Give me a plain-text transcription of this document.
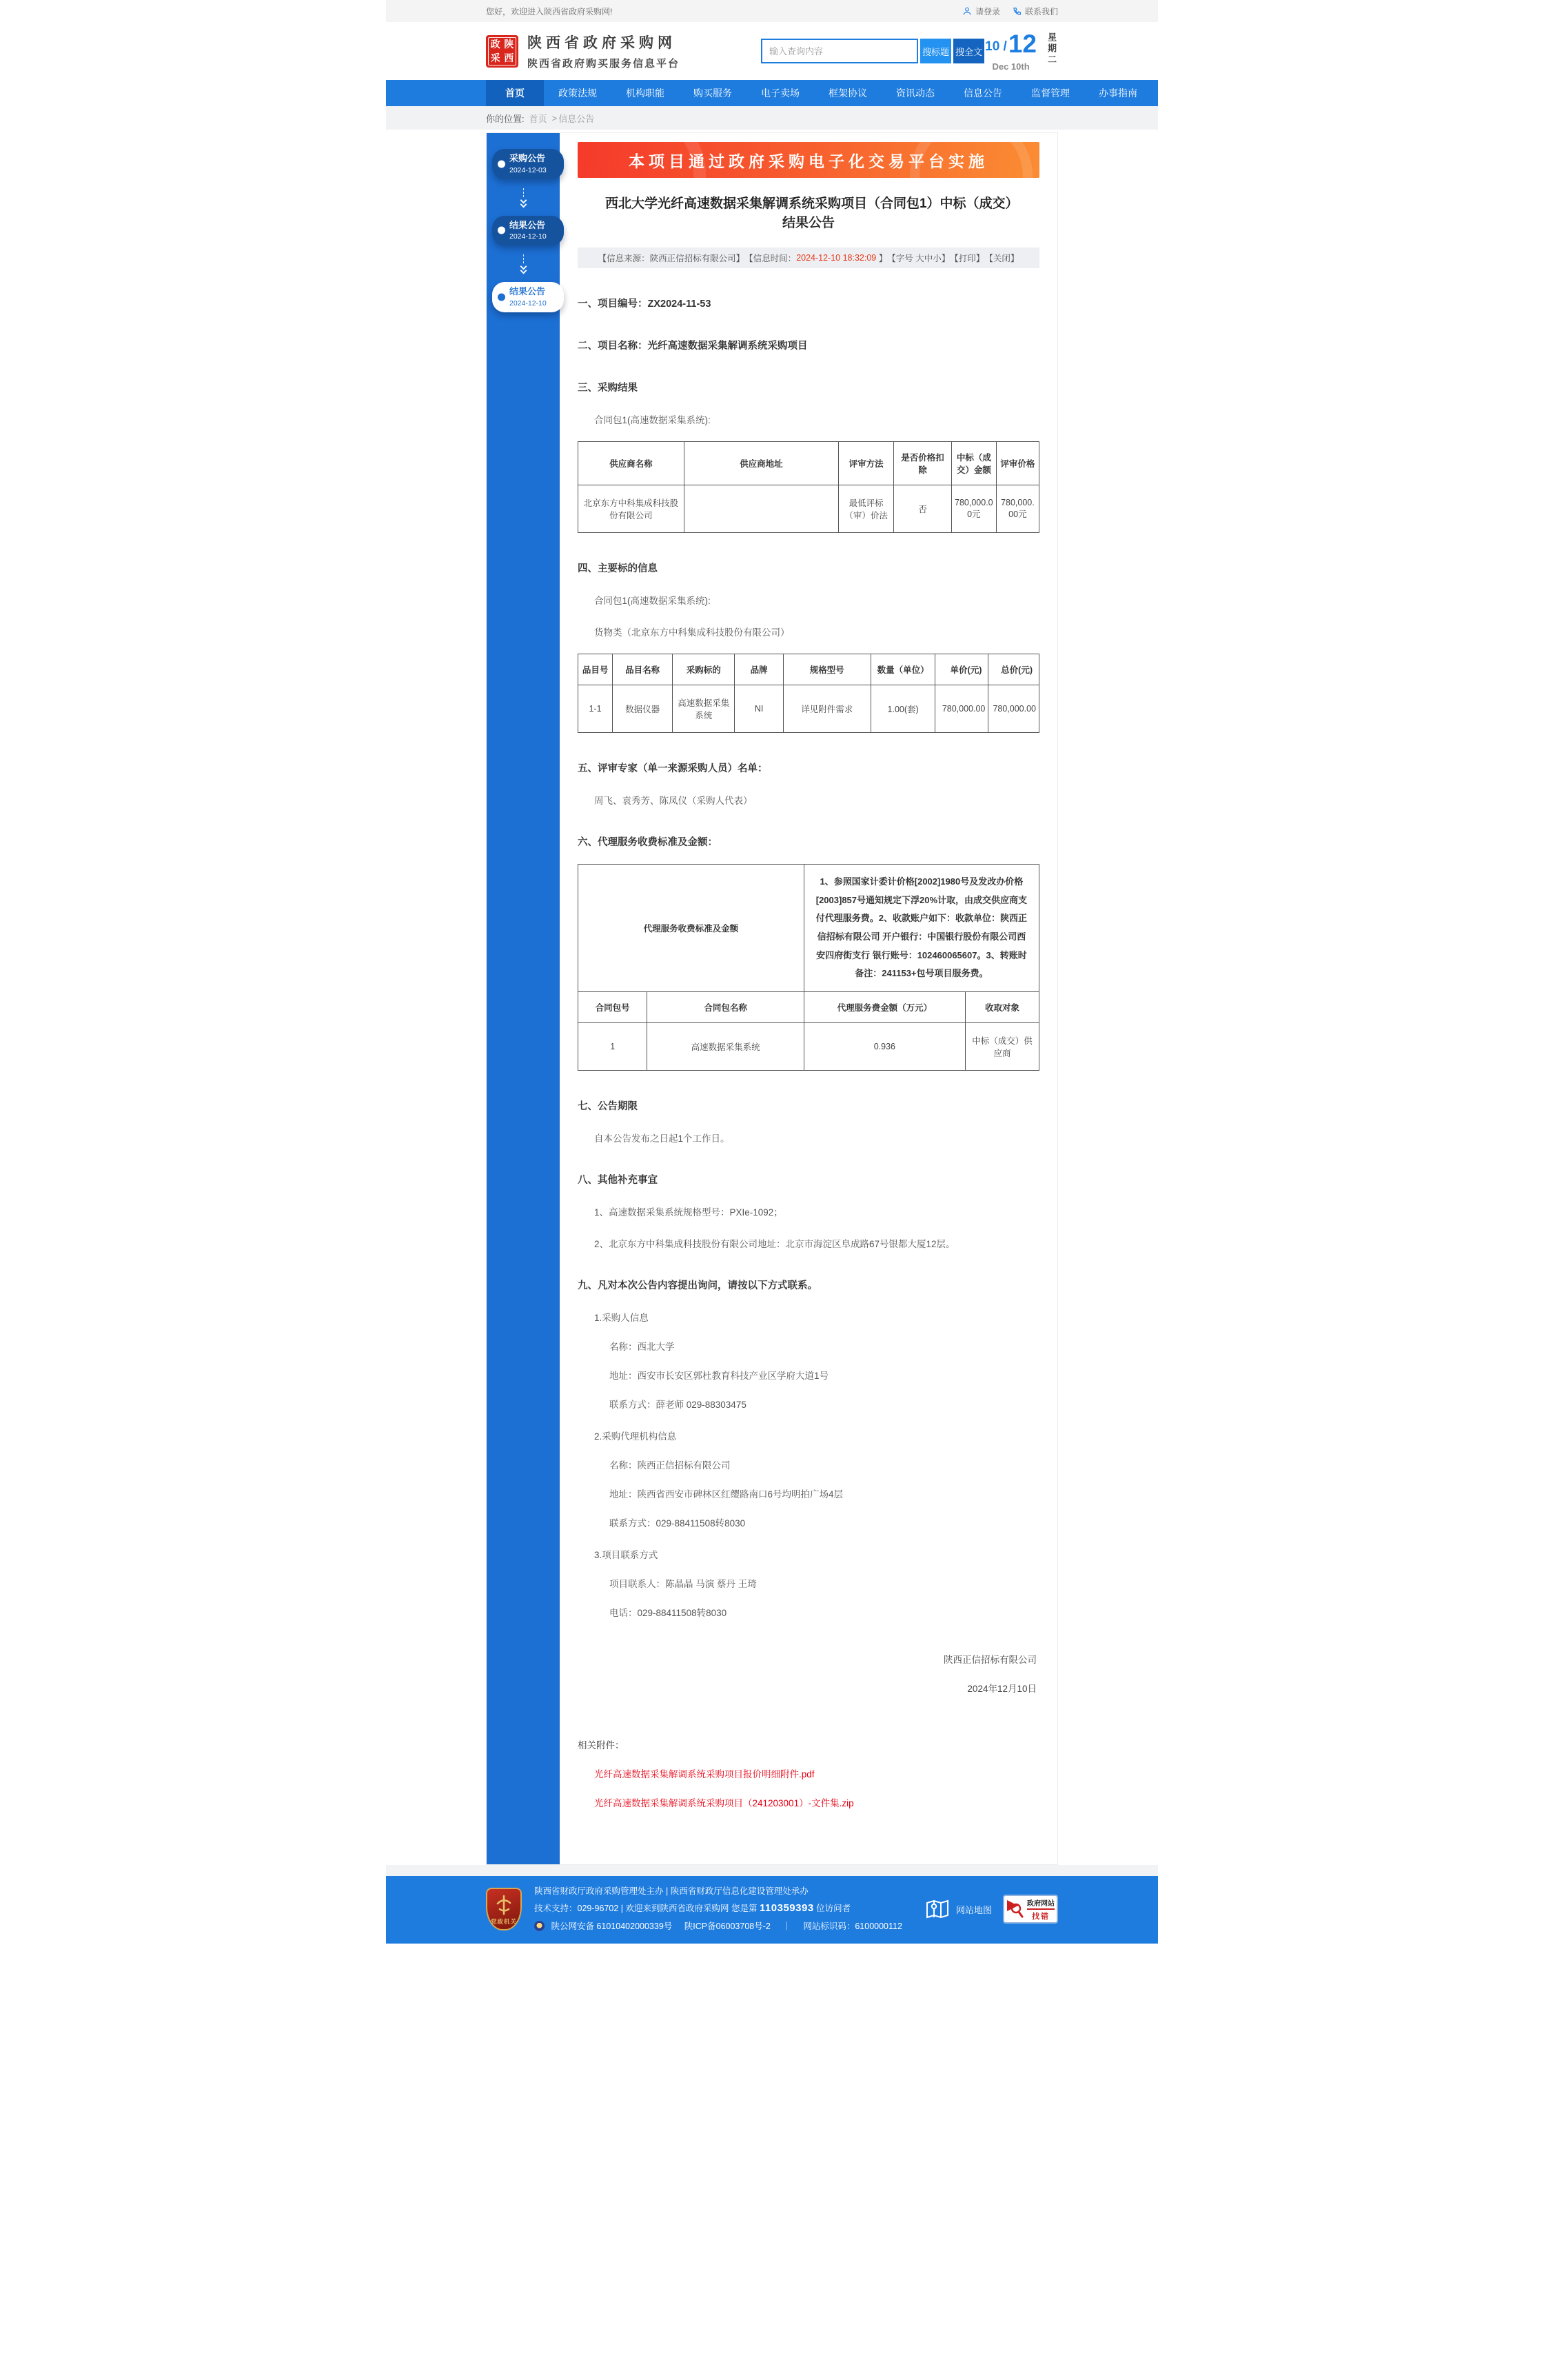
您好，欢迎进入陕西省政府采购网!	请登录	联系我们
政 陕
采 西
陕西省政府采购网
陕西省政府购买服务信息平台
输入查询内容
搜标题 搜全文 10 / 12
Dec 10th
星期二
首页	政策法规	机构职能	购买服务	电子卖场	框架协议	资讯动态	信息公告	监督管理	办事指南
你的位置: 首页 > 信息公告
采购公告
2024-12-03
结果公告
2024-12-10
结果公告
2024-12-10
本项目通过政府采购电子化交易平台实施
西北大学光纤高速数据采集解调系统采购项目（合同包1）中标（成交）结果公告
【信息来源：陕西正信招标有限公司】 【信息时间： 2024-12-10 18:32:09 】 【字号 大 中 小 】 【打印】 【关闭】
一、项目编号：ZX2024-11-53
二、项目名称：光纤高速数据采集解调系统采购项目
三、采购结果
合同包1(高速数据采集系统):
供应商名称	供应商地址	评审方法	是否价格扣除	中标（成交）金额	评审价格
北京东方中科集成科技股份有限公司		最低评标（审）价法	否	780,000.00元	780,000.00元
四、主要标的信息
合同包1(高速数据采集系统):
货物类（北京东方中科集成科技股份有限公司）
品目号	品目名称	采购标的	品牌	规格型号	数量（单位）	单价(元)	总价(元)
1-1	数据仪器	高速数据采集系统	NI	详见附件需求	1.00(套)	780,000.00	780,000.00
五、评审专家（单一来源采购人员）名单：
周飞、袁秀芳、陈凤仪（采购人代表）
六、代理服务收费标准及金额：
代理服务收费标准及金额		1、参照国家计委计价格[2002]1980号及发改办价格[2003]857号通知规定下浮20%计取，由成交供应商支付代理服务费。2、收款账户如下：收款单位：陕西正信招标有限公司 开户银行：中国银行股份有限公司西安四府街支行 银行账号：102460065607。3、转账时备注：241153+包号项目服务费。	
合同包号	合同包名称	代理服务费金额（万元）	收取对象
1	高速数据采集系统	0.936	中标（成交）供应商
七、公告期限
自本公告发布之日起1个工作日。
八、其他补充事宜
1、高速数据采集系统规格型号：PXIe-1092；
2、北京东方中科集成科技股份有限公司地址：北京市海淀区阜成路67号银都大厦12层。
九、凡对本次公告内容提出询问，请按以下方式联系。
1.采购人信息
名称：西北大学
地址：西安市长安区郭杜教育科技产业区学府大道1号
联系方式：薛老师 029-88303475
2.采购代理机构信息
名称：陕西正信招标有限公司
地址：陕西省西安市碑林区红缨路南口6号均明拍广场4层
联系方式：029-88411508转8030
3.项目联系方式
项目联系人：陈晶晶 马演 蔡丹 王琦
电话：029-88411508转8030
陕西正信招标有限公司
2024年12月10日
相关附件：
光纤高速数据采集解调系统采购项目报价明细附件.pdf
光纤高速数据采集解调系统采购项目（241203001）-文件集.zip
党政机关
陕西省财政厅政府采购管理处主办 | 陕西省财政厅信息化建设管理处承办
技术支持：029-96702 | 欢迎来到陕西省政府采购网 您是第 110359393 位访问者
陕公网安备 61010402000339号 陕ICP备06003708号-2 ｜ 网站标识码：6100000112
网站地图
政府网站
找错
